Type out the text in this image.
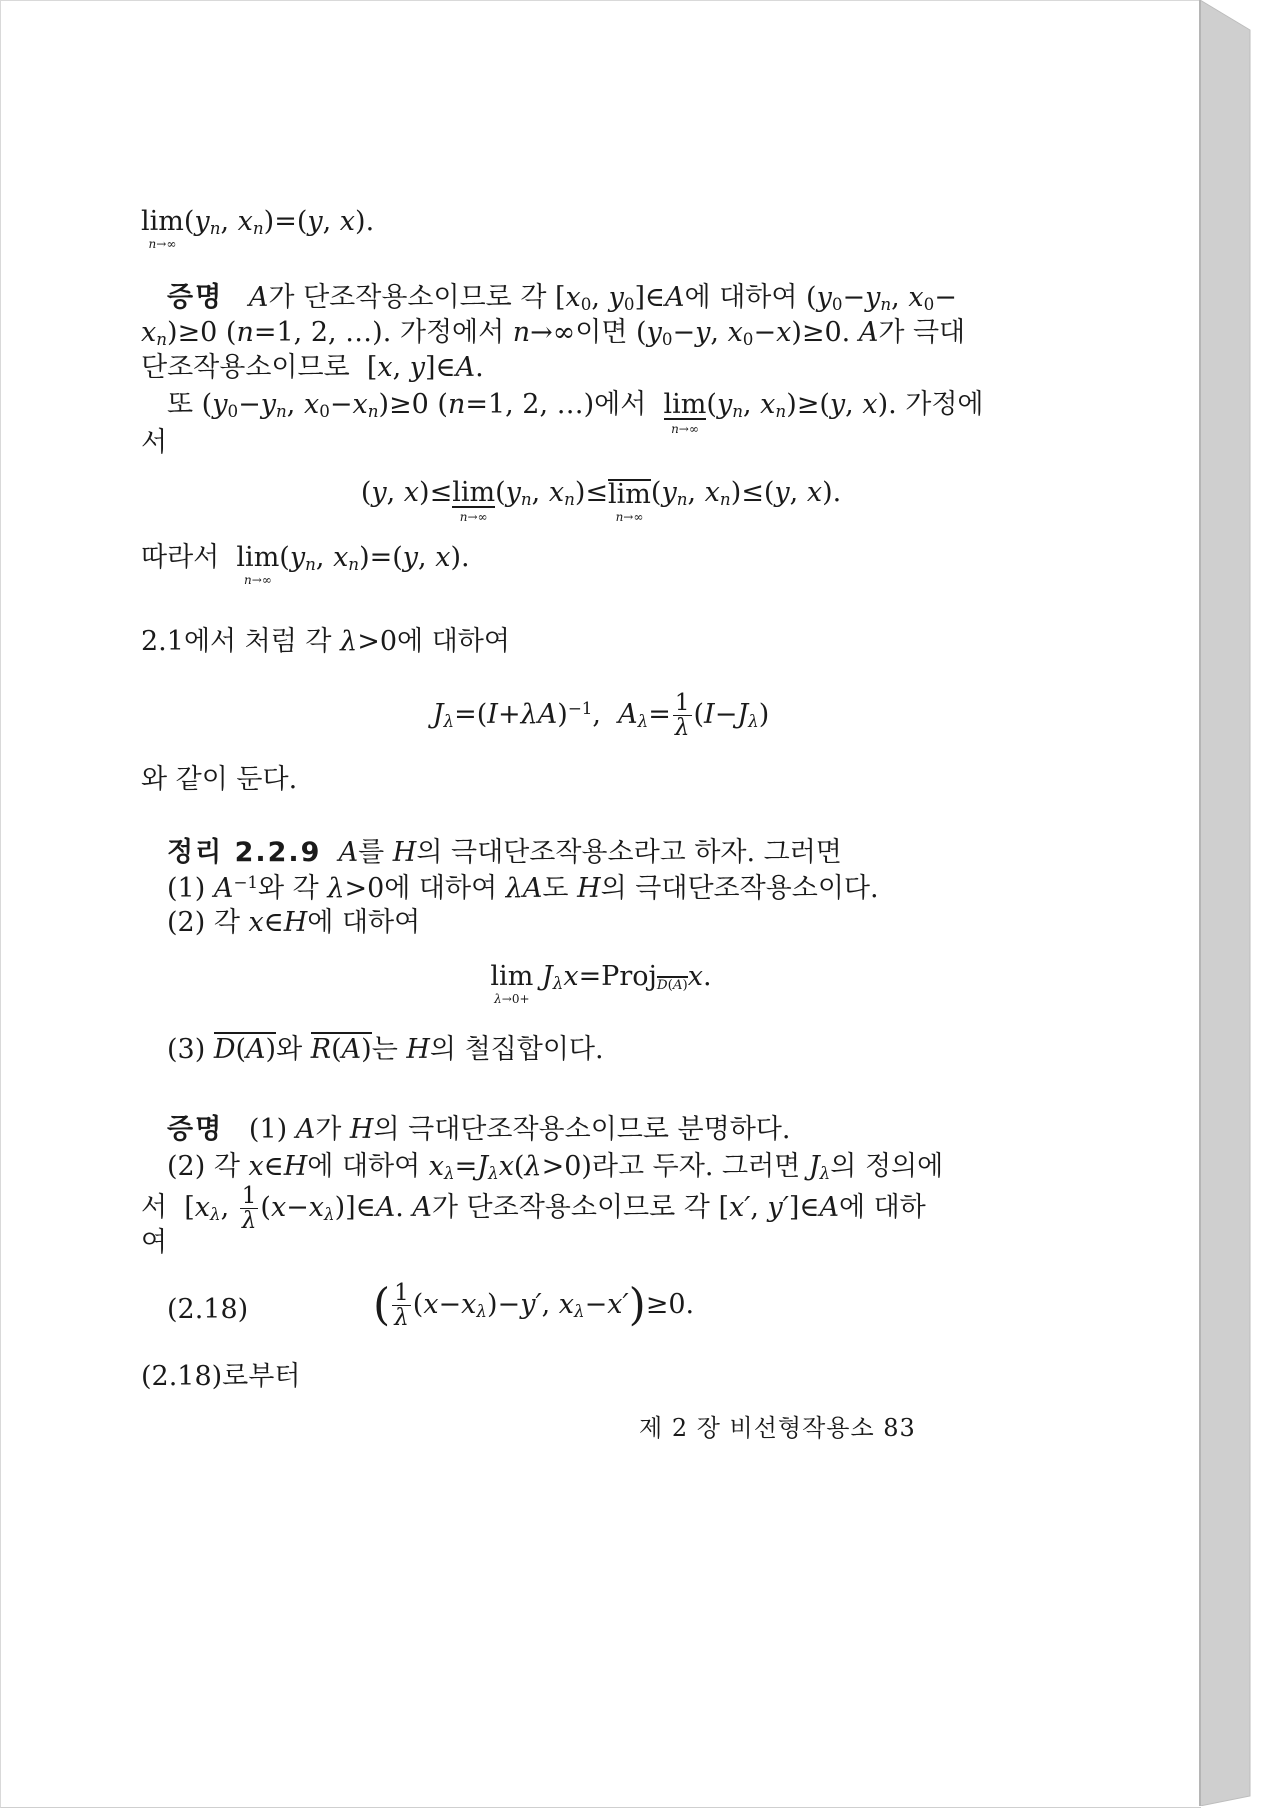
lim
n→∞
($y_n$, $x_n)=(y$, x).
증명 A가 단조작용소이므로 각 [$x_0$, $y_0]\in A$에 대하여 ($y_0-y_n$, $x_0-$
$x_n)\ge 0$ (n=1, 2, …). 가정에서 n→∞이면 ($y_0-y$, $x_0-x)\ge 0$. A가 극대
단조작용소이므로  [x, y]∈A.
또 ($y_0-y_n$, $x_0-x_n)\ge 0$ (n=1, 2, …)에서 lim
n→∞
($y_n$, $x_n)\ge(y$, x). 가정에
서
(y, x)≤ lim
n→∞
($y_n$, $x_n)\le \lim$
n→∞
($y_n$, $x_n)\le(y$, x).
따라서 lim
n→∞
($y_n$, $x_n)=(y$, x).
2.1에서 처럼 각 λ>0에 대하여
$J_\lambda=(I+\lambda A)^{-1}$,  $A_\lambda= \frac{1}{\lambda} (I-J_\lambda)$
와 같이 둔다.
정리 2.2.9 A를 H의 극대단조작용소라고 하자. 그러면
(1) $A^{-1}$와 각 λ>0에 대하여 λA도 H의 극대단조작용소이다.
(2) 각 x∈H에 대하여
lim
λ→0+
$J_\lambda x=Proj_{D(A)}x$.
(3) D(A)와 R(A)는 H의 철집합이다.
증명   (1) A가 H의 극대단조작용소이므로 분명하다.
(2) 각 x∈H에 대하여 $x_\lambda=J_\lambda x(\lambda>0)$라고 두자. 그러면 $J_\lambda$의 정의에
서  [$x_\lambda$, $\frac{1}{\lambda}$ $(x-x_\lambda)]\in A$. A가 단조작용소이므로 각 [x′, y′]∈A에 대하
여
(2.18)	( $\frac{1}{\lambda} (x-x_\lambda)-y'$, $x_\lambda-x')\ge 0$.
(2.18)로부터
제 2 장 비선형작용소 83
